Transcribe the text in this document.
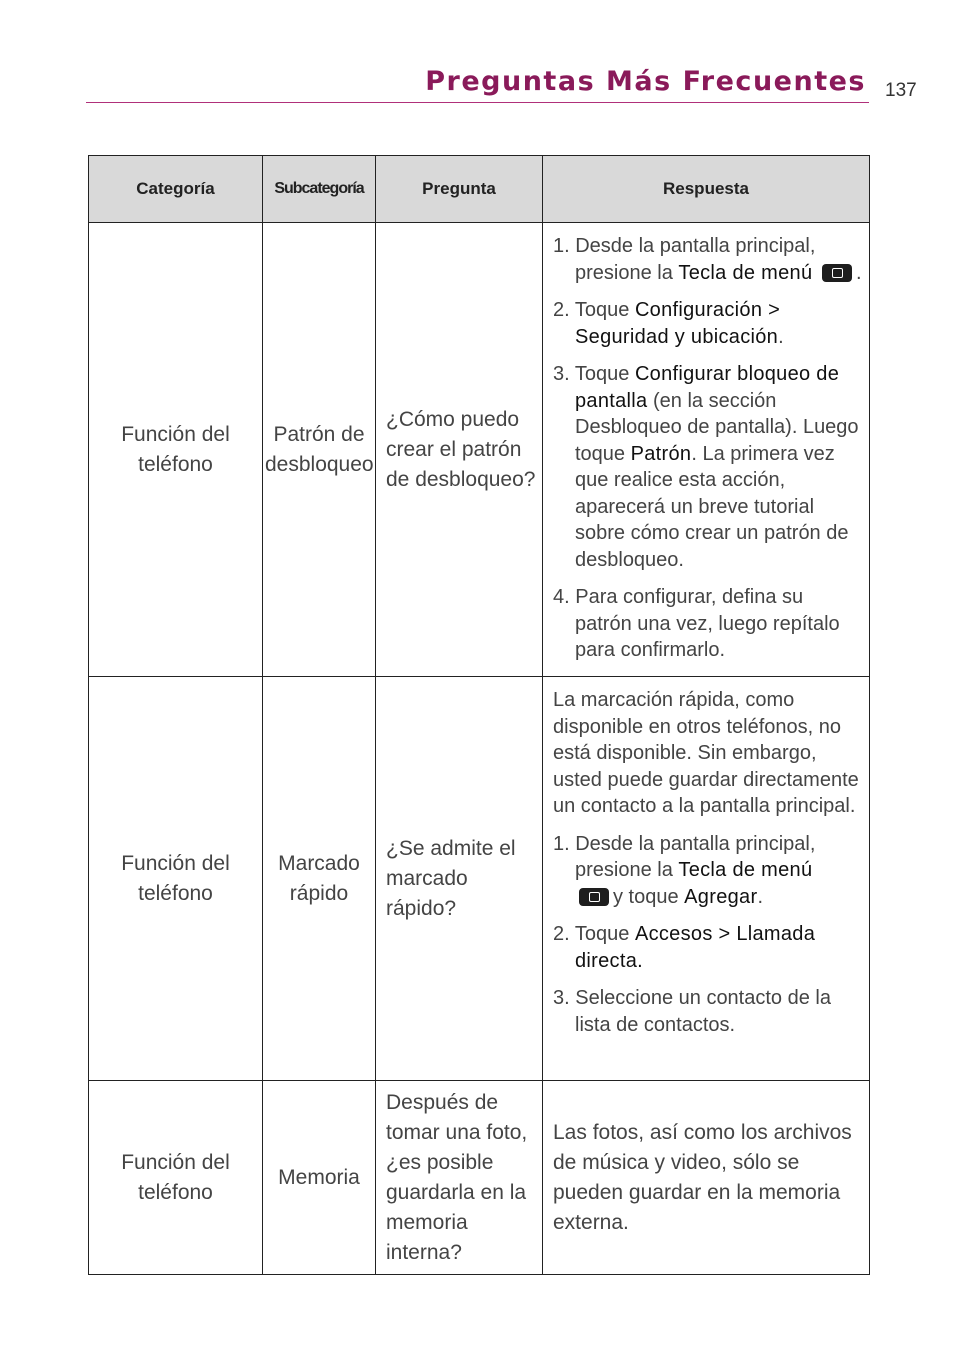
Preguntas Más Frecuentes 137
Categoría	Subcategoría	Pregunta	Respuesta
Función del teléfono	Patrón de desbloqueo	¿Cómo puedo crear el patrón de desbloqueo?	1. Desde la pantalla principal, presione la Tecla de menú .
2. Toque Configuración > Seguridad y ubicación.
3. Toque Configurar bloqueo de pantalla (en la sección Desbloqueo de pantalla). Luego toque Patrón. La primera vez que realice esta acción, aparecerá un breve tutorial sobre cómo crear un patrón de desbloqueo.
4. Para configurar, defina su patrón una vez, luego repítalo para confirmarlo.

Función del teléfono	Marcado rápido	¿Se admite el marcado rápido?	La marcación rápida, como disponible en otros teléfonos, no está disponible. Sin embargo, usted puede guardar directamente un contacto a la pantalla principal.
1. Desde la pantalla principal, presione la Tecla de menú
y toque Agregar.
2. Toque Accesos > Llamada directa.
3. Seleccione un contacto de la lista de contactos.

Función del teléfono	Memoria	Después de tomar una foto, ¿es posible guardarla en la memoria interna?	Las fotos, así como los archivos de música y video, sólo se pueden guardar en la memoria externa.
